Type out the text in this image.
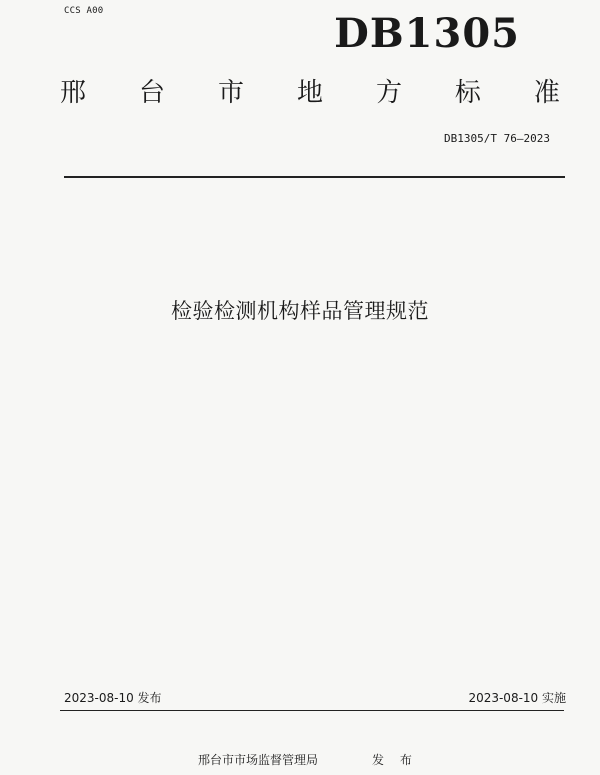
CCS A00	DB1305
邢 台 市 地 方 标 准
DB1305/T 76—2023
检验检测机构样品管理规范
2023-08-10 发布	2023-08-10 实施
邢台市市场监督管理局	发 布
